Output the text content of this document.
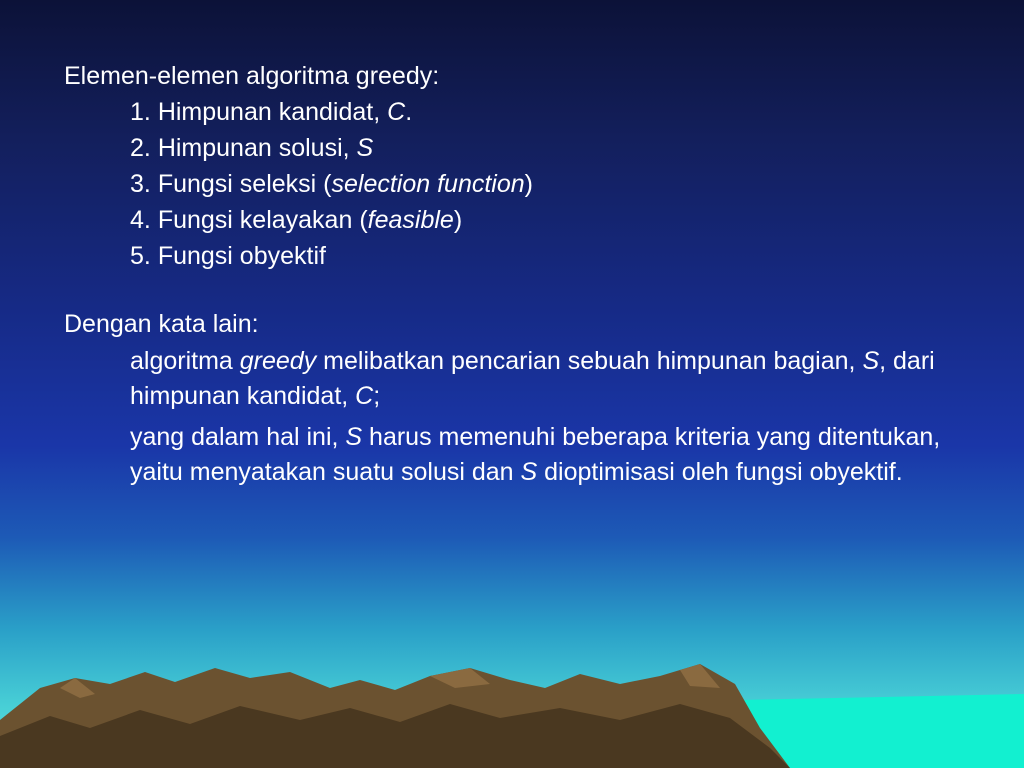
Elemen-elemen algoritma greedy:
1. Himpunan kandidat, C.
2. Himpunan solusi, S
3. Fungsi seleksi (selection function)
4. Fungsi kelayakan (feasible)
5. Fungsi obyektif
Dengan kata lain:
algoritma greedy melibatkan pencarian sebuah himpunan bagian, S, dari himpunan kandidat, C;
yang dalam hal ini, S harus memenuhi beberapa kriteria yang ditentukan, yaitu menyatakan suatu solusi dan S dioptimisasi oleh fungsi obyektif.
